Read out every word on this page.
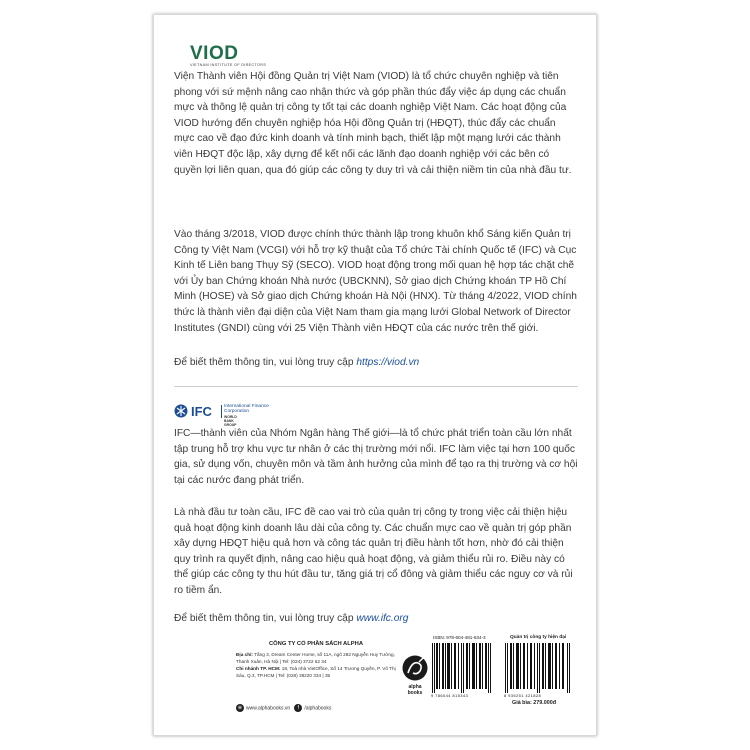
VIOD
VIETNAM INSTITUTE OF DIRECTORS

Viện Thành viên Hội đồng Quản trị Việt Nam (VIOD) là tổ chức chuyên nghiệp và tiên phong với sứ mệnh nâng cao nhận thức và góp phần thúc đẩy việc áp dụng các chuẩn mực và thông lệ quản trị công ty tốt tại các doanh nghiệp Việt Nam. Các hoạt động của VIOD hướng đến chuyên nghiệp hóa Hội đồng Quản trị (HĐQT), thúc đẩy các chuẩn mực cao về đạo đức kinh doanh và tính minh bạch, thiết lập một mạng lưới các thành viên HĐQT độc lập, xây dựng để kết nối các lãnh đạo doanh nghiệp với các bên có quyền lợi liên quan, qua đó giúp các công ty duy trì và cải thiện niềm tin của nhà đầu tư.

Vào tháng 3/2018, VIOD được chính thức thành lập trong khuôn khổ Sáng kiến Quản trị Công ty Việt Nam (VCGI) với hỗ trợ kỹ thuật của Tổ chức Tài chính Quốc tế (IFC) và Cục Kinh tế Liên bang Thụy Sỹ (SECO). VIOD hoạt động trong mối quan hệ hợp tác chặt chẽ với Ủy ban Chứng khoán Nhà nước (UBCKNN), Sở giao dịch Chứng khoán TP Hồ Chí Minh (HOSE) và Sở giao dịch Chứng khoán Hà Nội (HNX). Từ tháng 4/2022, VIOD chính thức là thành viên đại diện của Việt Nam tham gia mạng lưới Global Network of Director Institutes (GNDI) cùng với 25 Viện Thành viên HĐQT của các nước trên thế giới.

Để biết thêm thông tin, vui lòng truy cập https://viod.vn

IFC	International Finance Corporation
WORLD BANK GROUP

IFC—thành viên của Nhóm Ngân hàng Thế giới—là tổ chức phát triển toàn cầu lớn nhất tập trung hỗ trợ khu vực tư nhân ở các thị trường mới nổi. IFC làm việc tại hơn 100 quốc gia, sử dụng vốn, chuyên môn và tầm ảnh hưởng của mình để tạo ra thị trường và cơ hội tại các nước đang phát triển.

Là nhà đầu tư toàn cầu, IFC đề cao vai trò của quản trị công ty trong việc cải thiện hiệu quả hoạt động kinh doanh lâu dài của công ty. Các chuẩn mực cao về quản trị góp phần xây dựng HĐQT hiệu quả hơn và công tác quản trị điều hành tốt hơn, nhờ đó cải thiện quy trình ra quyết định, nâng cao hiệu quả hoạt động, và giảm thiểu rủi ro. Điều này có thể giúp các công ty thu hút đầu tư, tăng giá trị cổ đông và giảm thiểu các nguy cơ và rủi ro tiềm ẩn.

Để biết thêm thông tin, vui lòng truy cập www.ifc.org

CÔNG TY CỔ PHẦN SÁCH ALPHA
Địa chỉ: Tầng 3, Dream Center Home, số 11A, ngõ 282 Nguyễn Huy Tưởng, Thanh Xuân, Hà Nội | Tel: (024) 3722 62 34
Chi nhánh TP. HCM: 18, Toà nhà VietOffice, Số 14 Trương Quyền, P. Võ Thị Sáu, Q.3, TP.HCM | Tel: (028) 38220 334 | 35
⊕ www.alphabooks.vn f /alphabooks
alpha
books
ISBN: 978-604-481-534-3
9 786044 815343
Quản trị công ty hiện đại
8 935251 421828
Giá bìa: 279.000đ
